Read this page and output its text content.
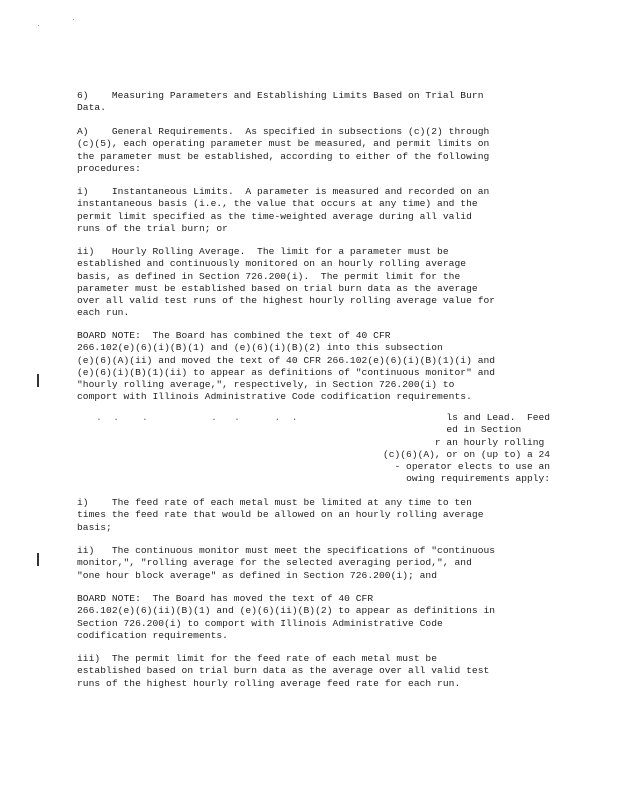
6)    Measuring Parameters and Establishing Limits Based on Trial Burn
Data.
A)    General Requirements.  As specified in subsections (c)(2) through
(c)(5), each operating parameter must be measured, and permit limits on
the parameter must be established, according to either of the following
procedures:
i)    Instantaneous Limits.  A parameter is measured and recorded on an
instantaneous basis (i.e., the value that occurs at any time) and the
permit limit specified as the time-weighted average during all valid
runs of the trial burn; or
ii)   Hourly Rolling Average.  The limit for a parameter must be
established and continuously monitored on an hourly rolling average
basis, as defined in Section 726.200(i).  The permit limit for the
parameter must be established based on trial burn data as the average
over all valid test runs of the highest hourly rolling average value for
each run.
BOARD NOTE:  The Board has combined the text of 40 CFR
266.102(e)(6)(i)(B)(1) and (e)(6)(i)(B)(2) into this subsection
(e)(6)(A)(ii) and moved the text of 40 CFR 266.102(e)(6)(i)(B)(1)(i) and
(e)(6)(i)(B)(1)(ii) to appear as definitions of "continuous monitor" and
"hourly rolling average,", respectively, in Section 726.200(i) to
comport with Illinois Administrative Code codification requirements.
.  .    .           .   .      .  .	ls and Lead.  Feed
ed in Section
r an hourly rolling
(c)(6)(A), or on (up to) a 24
- operator elects to use an
owing requirements apply:
i)    The feed rate of each metal must be limited at any time to ten
times the feed rate that would be allowed on an hourly rolling average
basis;
ii)   The continuous monitor must meet the specifications of "continuous
monitor,", "rolling average for the selected averaging period,", and
"one hour block average" as defined in Section 726.200(i); and
BOARD NOTE:  The Board has moved the text of 40 CFR
266.102(e)(6)(ii)(B)(1) and (e)(6)(ii)(B)(2) to appear as definitions in
Section 726.200(i) to comport with Illinois Administrative Code
codification requirements.
iii)  The permit limit for the feed rate of each metal must be
established based on trial burn data as the average over all valid test
runs of the highest hourly rolling average feed rate for each run.
